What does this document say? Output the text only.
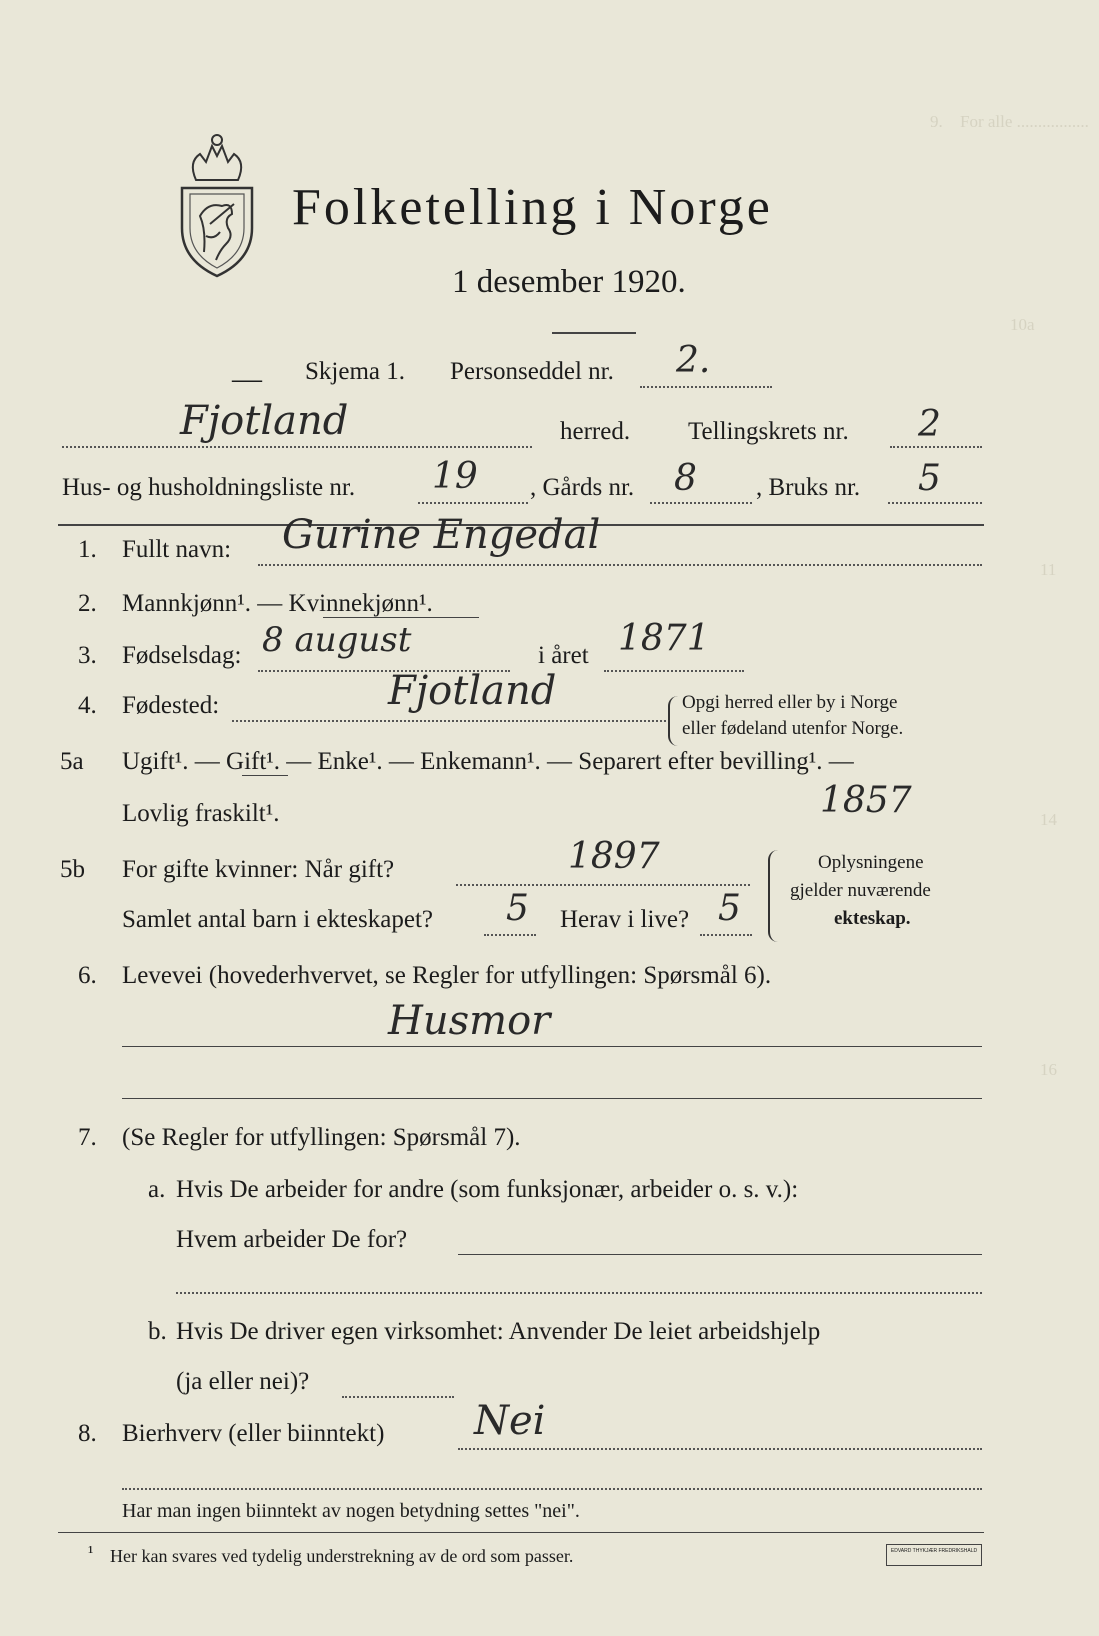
9. For alle .................
10a
11
14
16
Folketelling i Norge
1 desember 1920.
— Skjema 1. Personseddel nr. 2.
Fjotland	herred. Tellingskrets nr. 2
Hus- og husholdningsliste nr. 19 , Gårds nr. 8 , Bruks nr. 5
1. Fullt navn: Gurine Engedal
2. Mannkjønn¹. — Kvinnekjønn¹.
3. Fødselsdag: 8 august	i året 1871
4. Fødested:	Fjotland	Opgi herred eller by i Norge
eller fødeland utenfor Norge.
5a Ugift¹. — Gift¹. — Enke¹. — Enkemann¹. — Separert efter bevilling¹. —
Lovlig fraskilt¹.	1857
5b For gifte kvinner: Når gift?	1897
Samlet antal barn i ekteskapet? 5 Herav i live? 5
Oplysningene
gjelder nuværende
ekteskap.
6. Levevei (hovederhvervet, se Regler for utfyllingen: Spørsmål 6).
Husmor
7. (Se Regler for utfyllingen: Spørsmål 7).
a. Hvis De arbeider for andre (som funksjonær, arbeider o. s. v.):
Hvem arbeider De for?
b. Hvis De driver egen virksomhet: Anvender De leiet arbeidshjelp
(ja eller nei)?
8. Bierhverv (eller biinntekt) Nei
Har man ingen biinntekt av nogen betydning settes "nei".
¹ Her kan svares ved tydelig understrekning av de ord som passer.	EDVARD THYKJÆR FREDRIKSHALD
